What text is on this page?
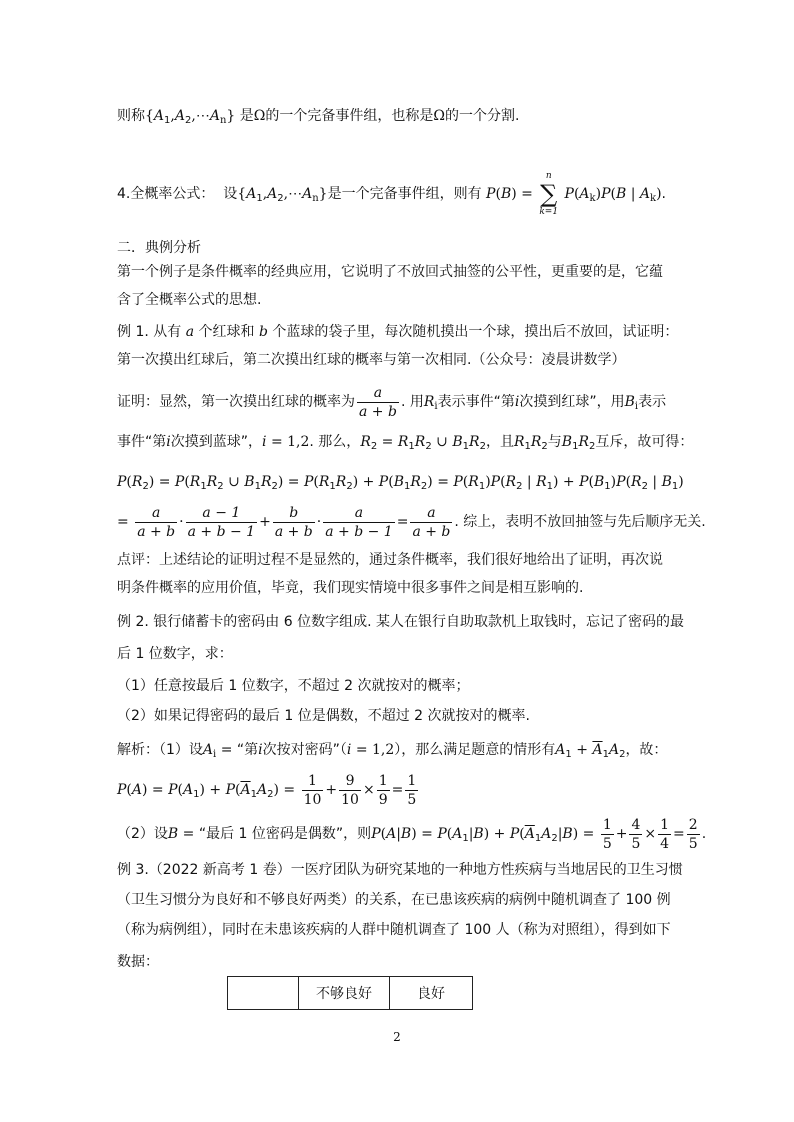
则称$\{A_1,A_2,\cdots A_n\}$ 是Ω的一个完备事件组，也称是Ω的一个分割.
4.全概率公式： 设$\{A_1,A_2,\cdots A_n\}$是一个完备事件组，则有 P(B) =
n
∑
k=1
$P(A_k)P(B$ | $A_k$).
二．典例分析
第一个例子是条件概率的经典应用，它说明了不放回式抽签的公平性，更重要的是，它蕴
含了全概率公式的思想.
例 1. 从有 a 个红球和 b 个蓝球的袋子里，每次随机摸出一个球，摸出后不放回，试证明：
第一次摸出红球后，第二次摸出红球的概率与第一次相同.（公众号：凌晨讲数学）
证明：显然，第一次摸出红球的概率为 $\frac{a}{a + b}$ . 用$R_i$表示事件“第i次摸到红球”，用$B_i$表示
事件“第i次摸到蓝球”，i = 1,2. 那么，$R_2 = R_1R_2$ ∪ $B_1R_2$，且$R_1R_2$与$B_1R_2$互斥，故可得：
$P(R_2) = P(R_1R_2$ ∪ $B_1R_2) = P(R_1R_2) + P(B_1R_2) = P(R_1)P(R_2$ | $R_1) + P(B_1)P(R_2$ | $B_1$)
= $\frac{a}{a + b} \cdot \frac{a - 1}{a + b - 1} + \frac{b}{a + b} \cdot \frac{a}{a + b - 1} = \frac{a}{a + b}$ . 综上，表明不放回抽签与先后顺序无关.
点评：上述结论的证明过程不是显然的，通过条件概率，我们很好地给出了证明，再次说
明条件概率的应用价值，毕竟，我们现实情境中很多事件之间是相互影响的.
例 2. 银行储蓄卡的密码由 6 位数字组成. 某人在银行自助取款机上取钱时，忘记了密码的最
后 1 位数字，求：
（1）任意按最后 1 位数字，不超过 2 次就按对的概率；
（2）如果记得密码的最后 1 位是偶数，不超过 2 次就按对的概率.
解析：（1）设$A_i$ = “第i次按对密码”（i = 1,2），那么满足题意的情形有$A_1 + \overline{A}_1A_2$，故：
$P(A) = P(A_1) + P(\overline{A}_1A_2) = \frac{1}{10} + \frac{9}{10} \times \frac{1}{9} = \frac{1}{5}$
（2）设B = “最后 1 位密码是偶数”，则$P(A|B) = P(A_1|B) + P(\overline{A}_1A_2|B) = \frac{1}{5} + \frac{4}{5} \times \frac{1}{4} = \frac{2}{5}$ .
例 3.（2022 新高考 1 卷）一医疗团队为研究某地的一种地方性疾病与当地居民的卫生习惯
（卫生习惯分为良好和不够良好两类）的关系，在已患该疾病的病例中随机调查了 100 例
（称为病例组），同时在未患该疾病的人群中随机调查了 100 人（称为对照组），得到如下
数据：
	不够良好	良好
2
